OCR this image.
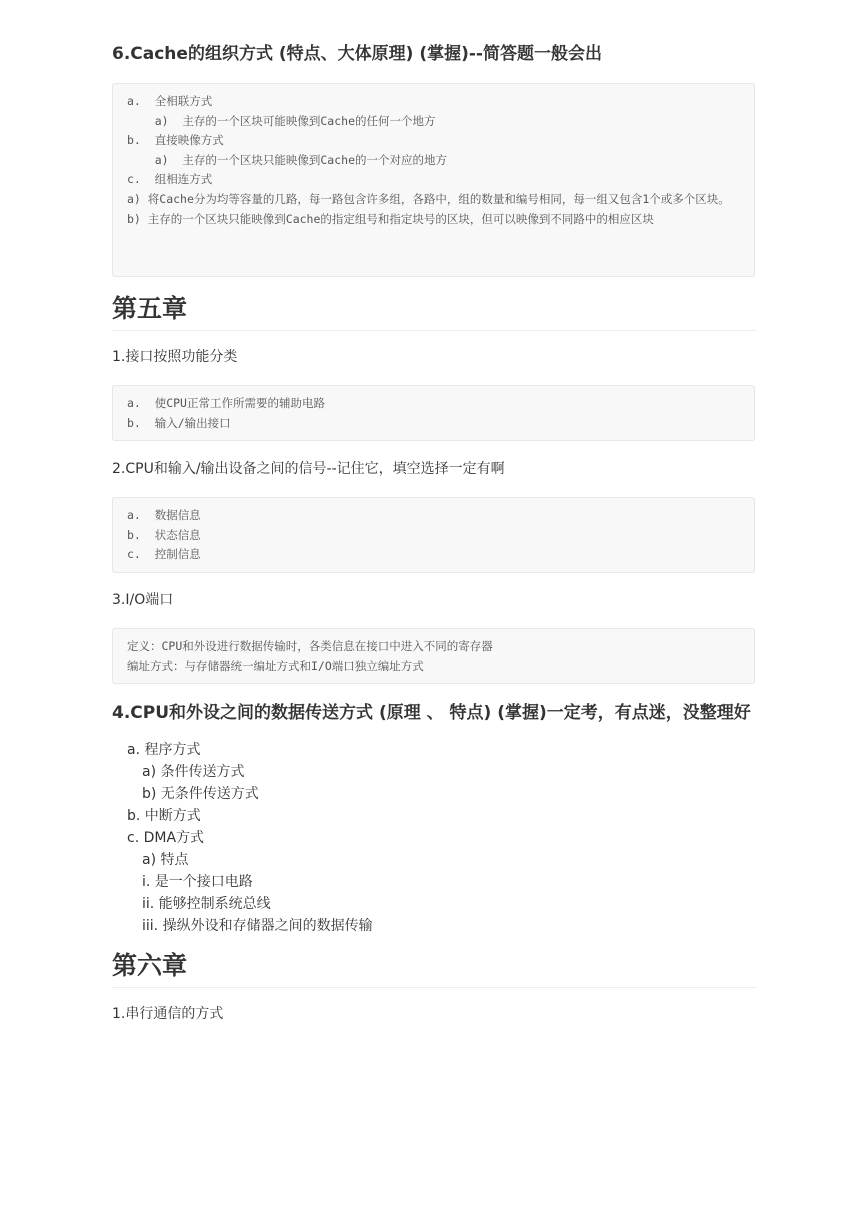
6.Cache的组织方式 (特点、大体原理) (掌握)--简答题一般会出
a.  全相联方式
a)  主存的一个区块可能映像到Cache的任何一个地方
b.  直接映像方式
a)  主存的一个区块只能映像到Cache的一个对应的地方
c.  组相连方式
a) 将Cache分为均等容量的几路，每一路包含许多组，各路中，组的数量和编号相同，每一组又包含1个或多个区块。
b) 主存的一个区块只能映像到Cache的指定组号和指定块号的区块，但可以映像到不同路中的相应区块
第五章

1.接口按照功能分类

a.  使CPU正常工作所需要的辅助电路
b.  输入/输出接口

2.CPU和输入/输出设备之间的信号--记住它，填空选择一定有啊

a.  数据信息
b.  状态信息
c.  控制信息

3.I/O端口

定义：CPU和外设进行数据传输时，各类信息在接口中进入不同的寄存器
编址方式：与存储器统一编址方式和I/O端口独立编址方式
4.CPU和外设之间的数据传送方式 (原理 、 特点) (掌握)一定考，有点迷，没整理好
a. 程序方式
a) 条件传送方式
b) 无条件传送方式
b. 中断方式
c. DMA方式
a) 特点
i. 是一个接口电路
ii. 能够控制系统总线
iii. 操纵外设和存储器之间的数据传输
第六章

1.串行通信的方式
